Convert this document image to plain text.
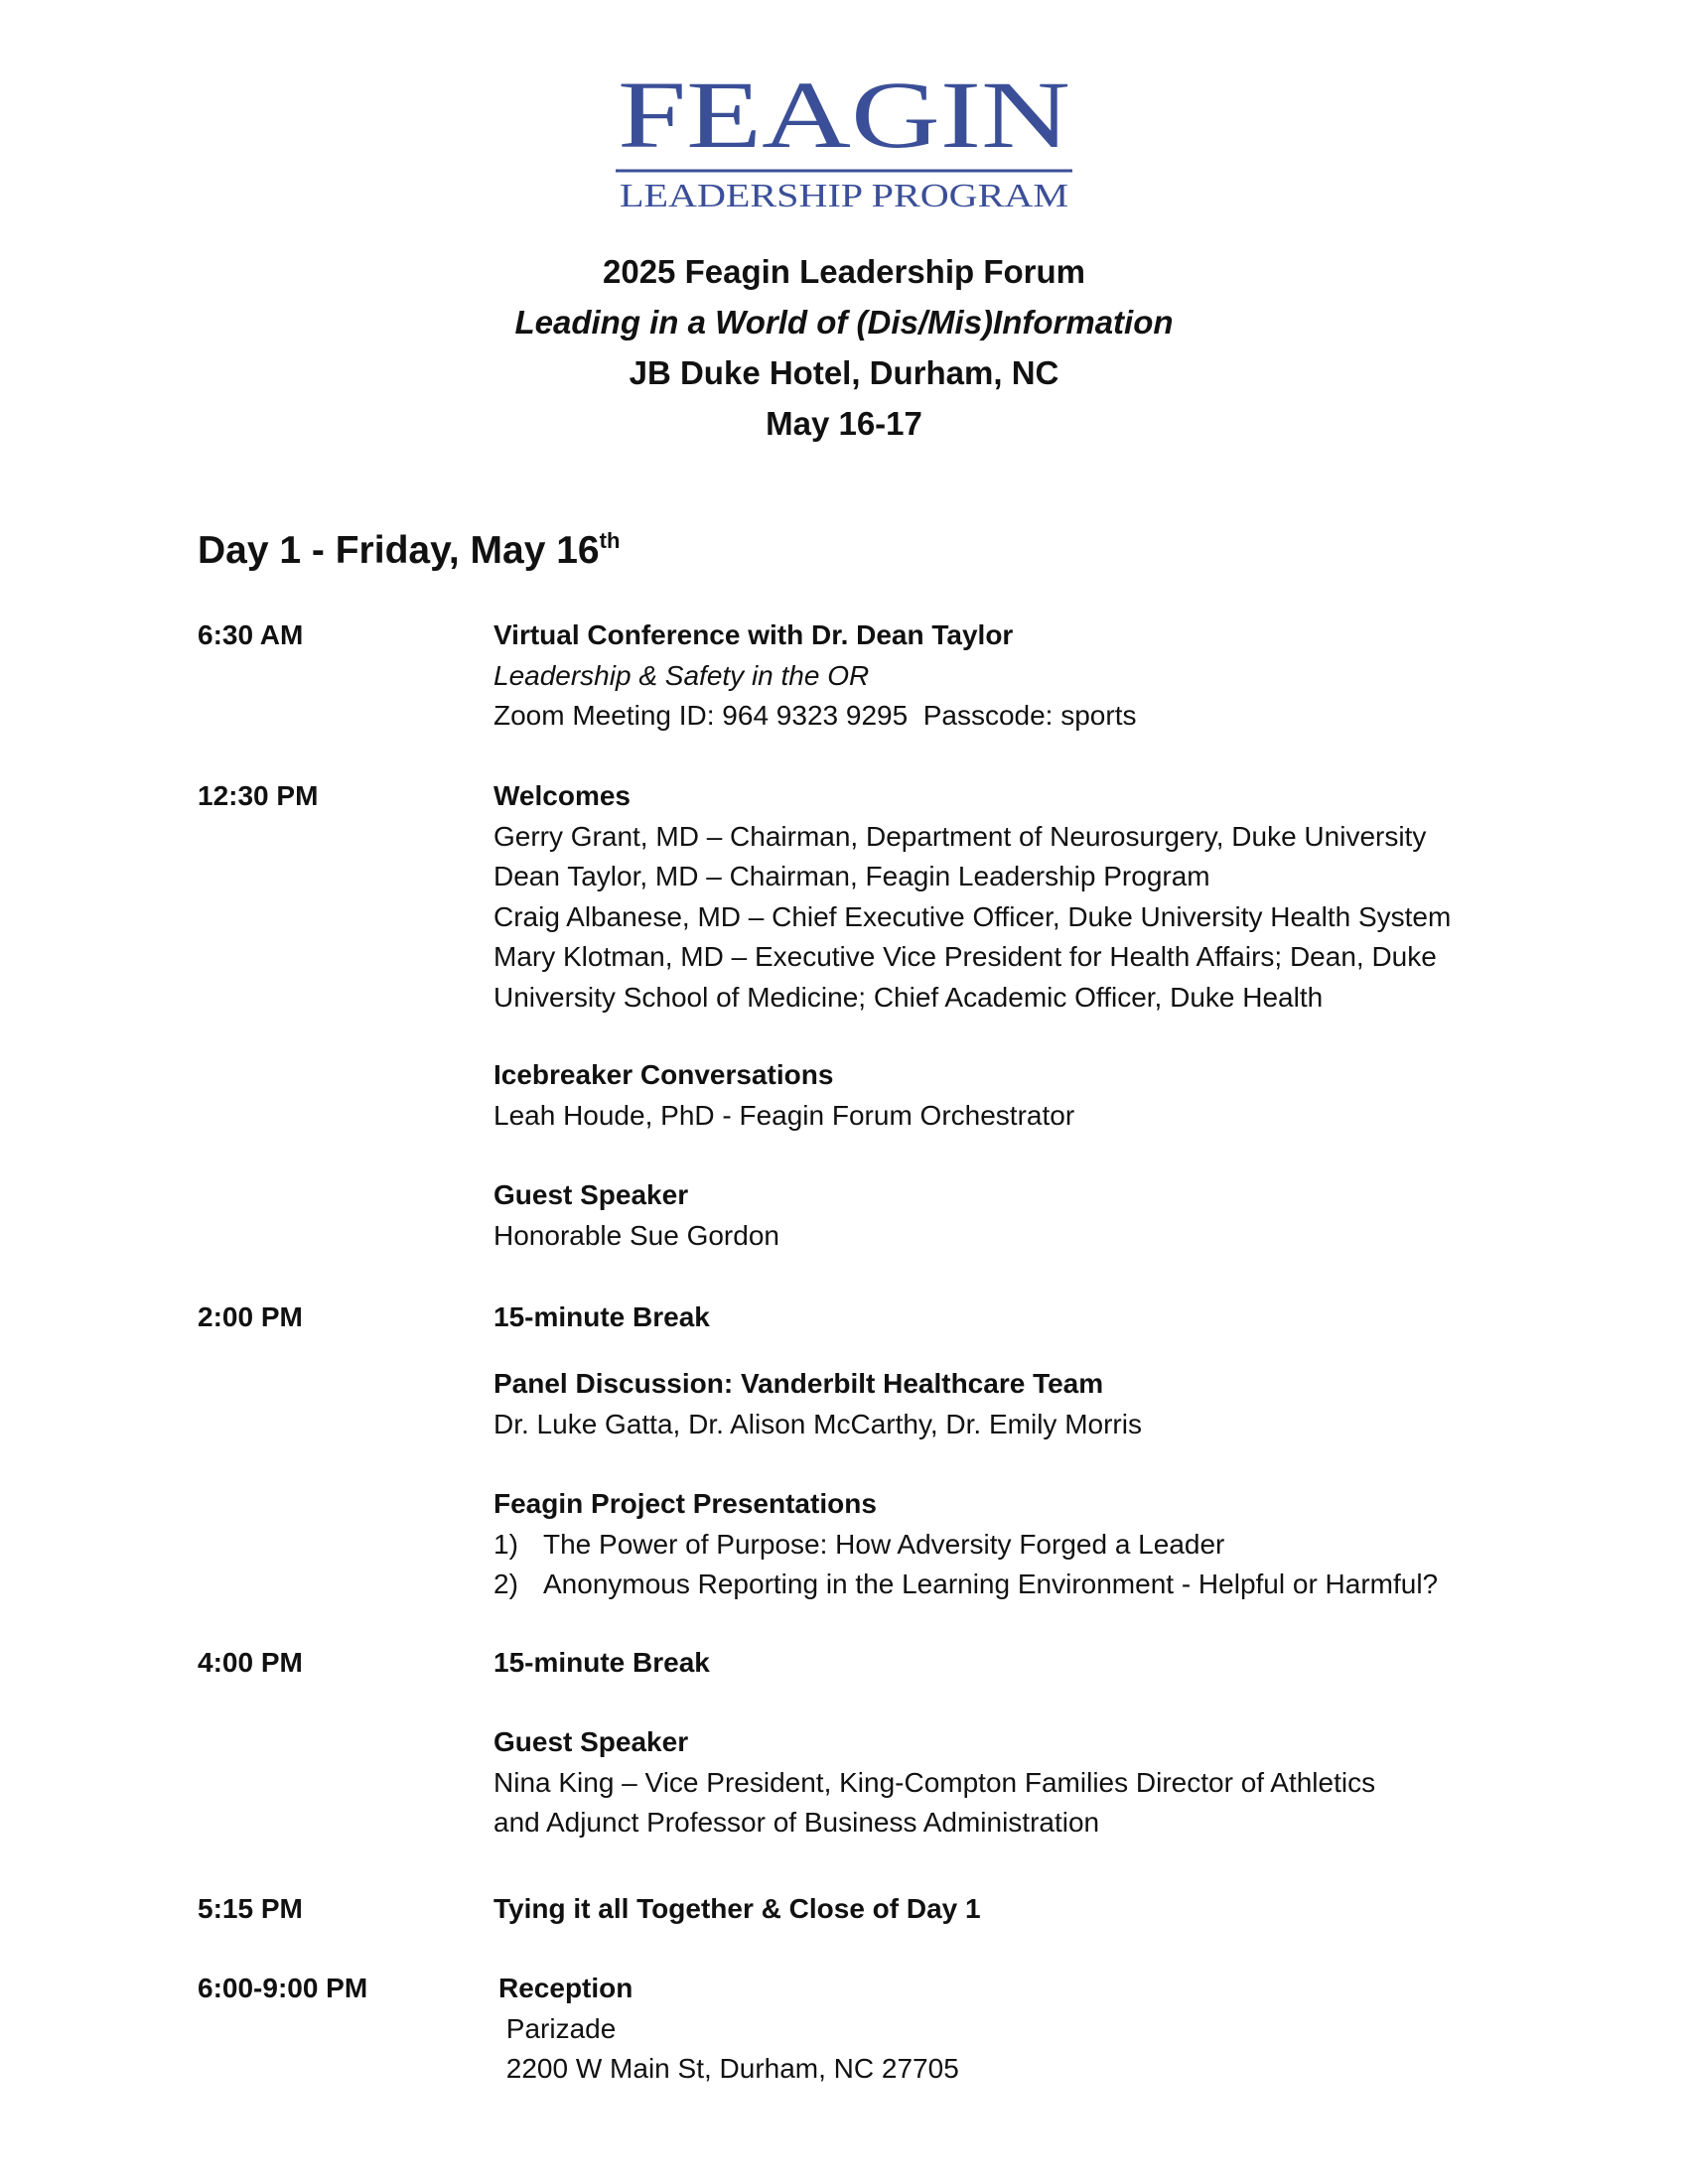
FEAGIN
LEADERSHIP PROGRAM
2025 Feagin Leadership Forum
Leading in a World of (Dis/Mis)Information
JB Duke Hotel, Durham, NC
May 16-17
Day 1 - Friday, May 16th
6:30 AM	Virtual Conference with Dr. Dean Taylor
Leadership & Safety in the OR
Zoom Meeting ID: 964 9323 9295  Passcode: sports
12:30 PM	Welcomes
Gerry Grant, MD – Chairman, Department of Neurosurgery, Duke University
Dean Taylor, MD – Chairman, Feagin Leadership Program
Craig Albanese, MD – Chief Executive Officer, Duke University Health System
Mary Klotman, MD – Executive Vice President for Health Affairs; Dean, Duke
University School of Medicine; Chief Academic Officer, Duke Health
Icebreaker Conversations
Leah Houde, PhD - Feagin Forum Orchestrator
Guest Speaker
Honorable Sue Gordon
2:00 PM	15-minute Break
Panel Discussion: Vanderbilt Healthcare Team
Dr. Luke Gatta, Dr. Alison McCarthy, Dr. Emily Morris
Feagin Project Presentations
1) The Power of Purpose: How Adversity Forged a Leader
2) Anonymous Reporting in the Learning Environment - Helpful or Harmful?
4:00 PM	15-minute Break
Guest Speaker
Nina King – Vice President, King-Compton Families Director of Athletics
and Adjunct Professor of Business Administration
5:15 PM	Tying it all Together & Close of Day 1
6:00-9:00 PM	Reception
Parizade
2200 W Main St, Durham, NC 27705
